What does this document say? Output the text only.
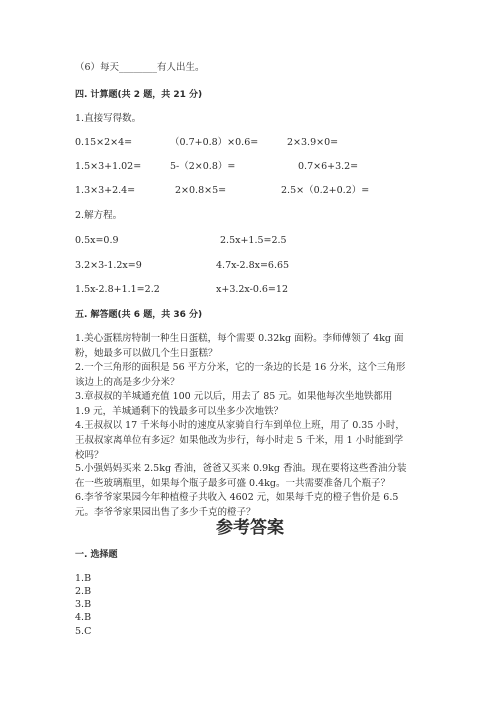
（6）每天________有人出生。
四. 计算题(共 2 题，共 21 分)
1.直接写得数。
0.15×2×4=	（0.7+0.8）×0.6=	2×3.9×0=
1.5×3+1.02=	5-（2×0.8）=	0.7×6+3.2=
1.3×3+2.4=	2×0.8×5=	2.5×（0.2+0.2）=
2.解方程。
0.5x=0.9	2.5x+1.5=2.5
3.2×3-1.2x=9	4.7x-2.8x=6.65
1.5x-2.8+1.1=2.2	x+3.2x-0.6=12
五. 解答题(共 6 题，共 36 分)
1.美心蛋糕房特制一种生日蛋糕，每个需要 0.32kg 面粉。李师傅领了 4kg 面
粉，她最多可以做几个生日蛋糕？
2.一个三角形的面积是 56 平方分米，它的一条边的长是 16 分米，这个三角形
该边上的高是多少分米？
3.章叔叔的羊城通充值 100 元以后，用去了 85 元。如果他每次坐地铁都用
1.9 元，羊城通剩下的钱最多可以坐多少次地铁？
4.王叔叔以 17 千米每小时的速度从家骑自行车到单位上班，用了 0.35 小时，
王叔叔家离单位有多远？如果他改为步行，每小时走 5 千米，用 1 小时能到学
校吗？
5.小强妈妈买来 2.5kg 香油，爸爸又买来 0.9kg 香油。现在要将这些香油分装
在一些玻璃瓶里，如果每个瓶子最多可盛 0.4kg。一共需要准备几个瓶子？
6.李爷爷家果园今年种植橙子共收入 4602 元，如果每千克的橙子售价是 6.5
元。李爷爷家果园出售了多少千克的橙子？
参考答案
一. 选择题
1.B
2.B
3.B
4.B
5.C
